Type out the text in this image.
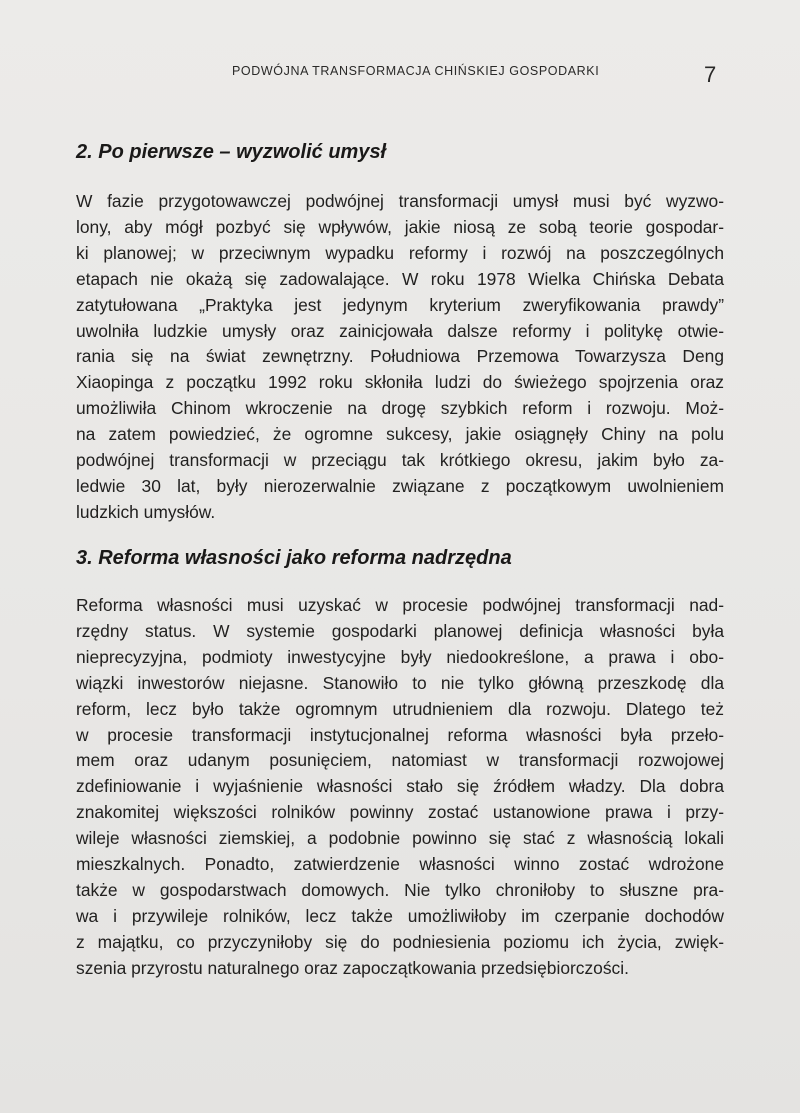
PODWÓJNA TRANSFORMACJA CHIŃSKIEJ GOSPODARKI	7
2. Po pierwsze – wyzwolić umysł
W fazie przygotowawczej podwójnej transformacji umysł musi być wyzwo-
lony, aby mógł pozbyć się wpływów, jakie niosą ze sobą teorie gospodar-
ki planowej; w przeciwnym wypadku reformy i rozwój na poszczególnych
etapach nie okażą się zadowalające. W roku 1978 Wielka Chińska Debata
zatytułowana „Praktyka jest jedynym kryterium zweryfikowania prawdy”
uwolniła ludzkie umysły oraz zainicjowała dalsze reformy i politykę otwie-
rania się na świat zewnętrzny. Południowa Przemowa Towarzysza Deng
Xiaopinga z początku 1992 roku skłoniła ludzi do świeżego spojrzenia oraz
umożliwiła Chinom wkroczenie na drogę szybkich reform i rozwoju. Moż-
na zatem powiedzieć, że ogromne sukcesy, jakie osiągnęły Chiny na polu
podwójnej transformacji w przeciągu tak krótkiego okresu, jakim było za-
ledwie 30 lat, były nierozerwalnie związane z początkowym uwolnieniem
ludzkich umysłów.
3. Reforma własności jako reforma nadrzędna
Reforma własności musi uzyskać w procesie podwójnej transformacji nad-
rzędny status. W systemie gospodarki planowej definicja własności była
nieprecyzyjna, podmioty inwestycyjne były niedookreślone, a prawa i obo-
wiązki inwestorów niejasne. Stanowiło to nie tylko główną przeszkodę dla
reform, lecz było także ogromnym utrudnieniem dla rozwoju. Dlatego też
w procesie transformacji instytucjonalnej reforma własności była przeło-
mem oraz udanym posunięciem, natomiast w transformacji rozwojowej
zdefiniowanie i wyjaśnienie własności stało się źródłem władzy. Dla dobra
znakomitej większości rolników powinny zostać ustanowione prawa i przy-
wileje własności ziemskiej, a podobnie powinno się stać z własnością lokali
mieszkalnych. Ponadto, zatwierdzenie własności winno zostać wdrożone
także w gospodarstwach domowych. Nie tylko chroniłoby to słuszne pra-
wa i przywileje rolników, lecz także umożliwiłoby im czerpanie dochodów
z majątku, co przyczyniłoby się do podniesienia poziomu ich życia, zwięk-
szenia przyrostu naturalnego oraz zapoczątkowania przedsiębiorczości.
